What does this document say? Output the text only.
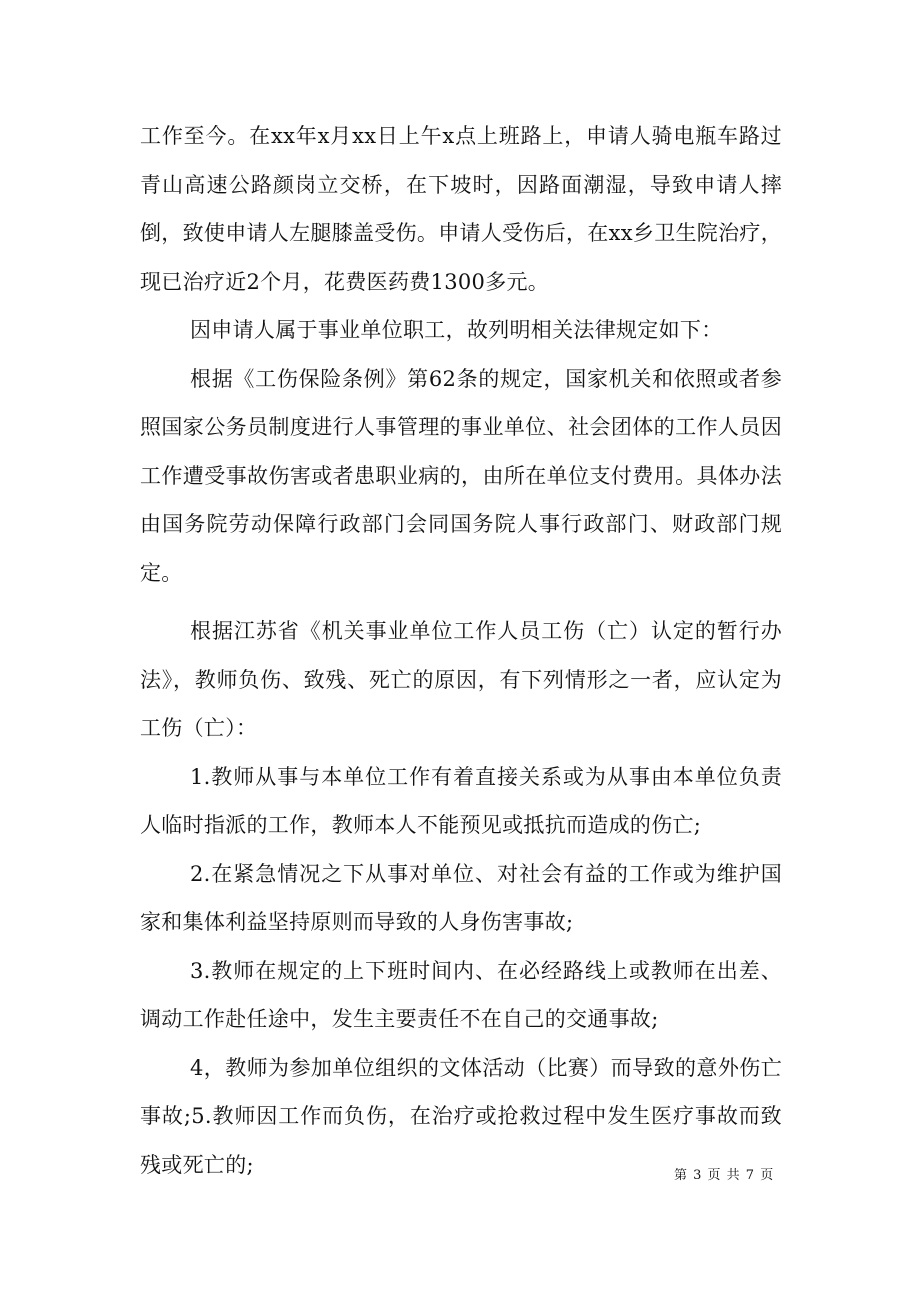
工作至今。在xx年x月xx日上午x点上班路上，申请人骑电瓶车路过青山高速公路颜岗立交桥，在下坡时，因路面潮湿，导致申请人摔倒，致使申请人左腿膝盖受伤。申请人受伤后，在xx乡卫生院治疗，现已治疗近2个月，花费医药费1300多元。

因申请人属于事业单位职工，故列明相关法律规定如下：

根据《工伤保险条例》第62条的规定，国家机关和依照或者参照国家公务员制度进行人事管理的事业单位、社会团体的工作人员因工作遭受事故伤害或者患职业病的，由所在单位支付费用。具体办法由国务院劳动保障行政部门会同国务院人事行政部门、财政部门规定。

根据江苏省《机关事业单位工作人员工伤（亡）认定的暂行办法》，教师负伤、致残、死亡的原因，有下列情形之一者，应认定为工伤（亡）：

1.教师从事与本单位工作有着直接关系或为从事由本单位负责人临时指派的工作，教师本人不能预见或抵抗而造成的伤亡;

2.在紧急情况之下从事对单位、对社会有益的工作或为维护国家和集体利益坚持原则而导致的人身伤害事故;

3.教师在规定的上下班时间内、在必经路线上或教师在出差、调动工作赴任途中，发生主要责任不在自己的交通事故;

4，教师为参加单位组织的文体活动（比赛）而导致的意外伤亡事故;5.教师因工作而负伤，在治疗或抢救过程中发生医疗事故而致残或死亡的;	第 3 页 共 7 页
